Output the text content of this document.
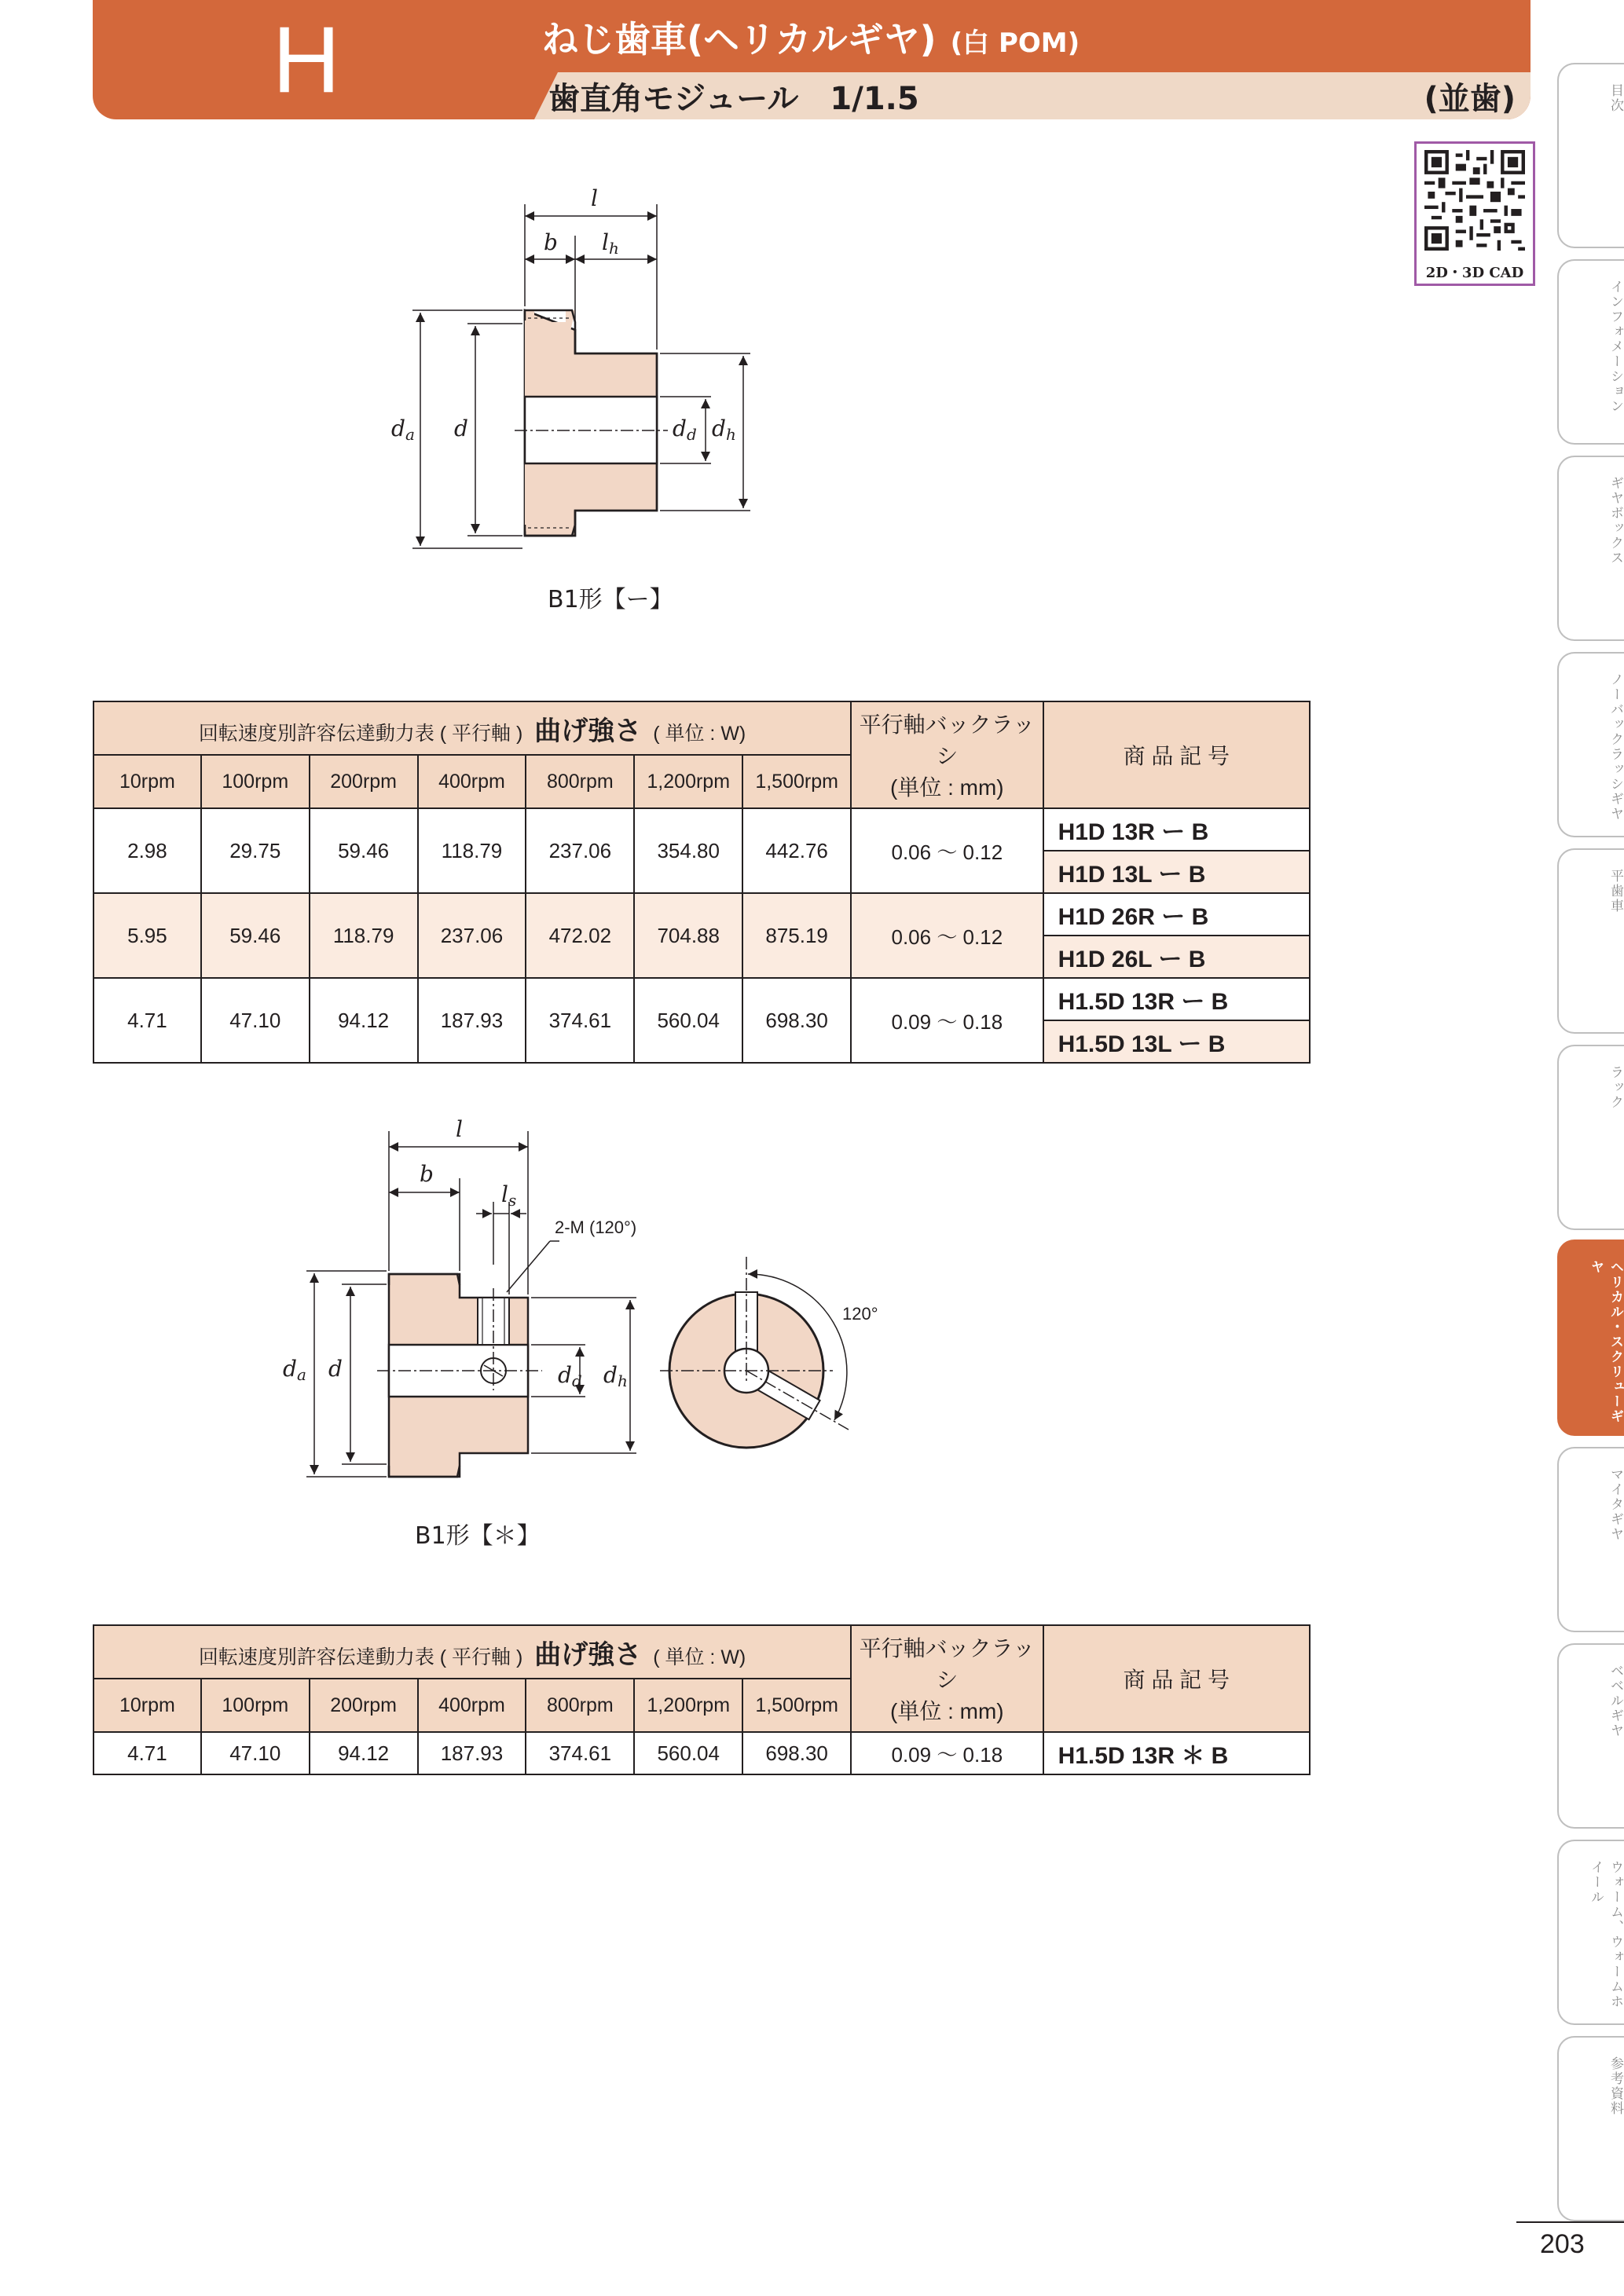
H	ねじ歯車(ヘリカルギヤ) (白 POM)
歯直角モジュール　1/1.5	(並歯)
2D・3D CAD
目次
インフォメーション
ギヤボックス
ノーバックラッシギヤ
平歯車
ラック
ヘリカル・スクリューギヤ
マイタギヤ
ベベルギヤ
ウォーム、ウォームホイール
参考資料
l
b lh
da d	dd dh
B1形【ー】
回転速度別許容伝達動力表 ( 平行軸 ) 曲げ強さ ( 単位 : W)							平行軸バックラッシ
(単位 : mm)	商 品 記 号
10rpm	100rpm	200rpm	400rpm	800rpm	1,200rpm	1,500rpm		
2.98	29.75	59.46	118.79	237.06	354.80	442.76	0.06 ～ 0.12	H1D 13R ー B
								H1D 13L ー B
5.95	59.46	118.79	237.06	472.02	704.88	875.19	0.06 ～ 0.12	H1D 26R ー B
								H1D 26L ー B
4.71	47.10	94.12	187.93	374.61	560.04	698.30	0.09 ～ 0.18	H1.5D 13R ー B
								H1.5D 13L ー B
l
b
ls
da d	dd dh
2-M (120°)
120°
B1形【＊】
回転速度別許容伝達動力表 ( 平行軸 ) 曲げ強さ ( 単位 : W)							平行軸バックラッシ
(単位 : mm)	商 品 記 号
10rpm	100rpm	200rpm	400rpm	800rpm	1,200rpm	1,500rpm		
4.71	47.10	94.12	187.93	374.61	560.04	698.30	0.09 ～ 0.18	H1.5D 13R ＊ B
203
